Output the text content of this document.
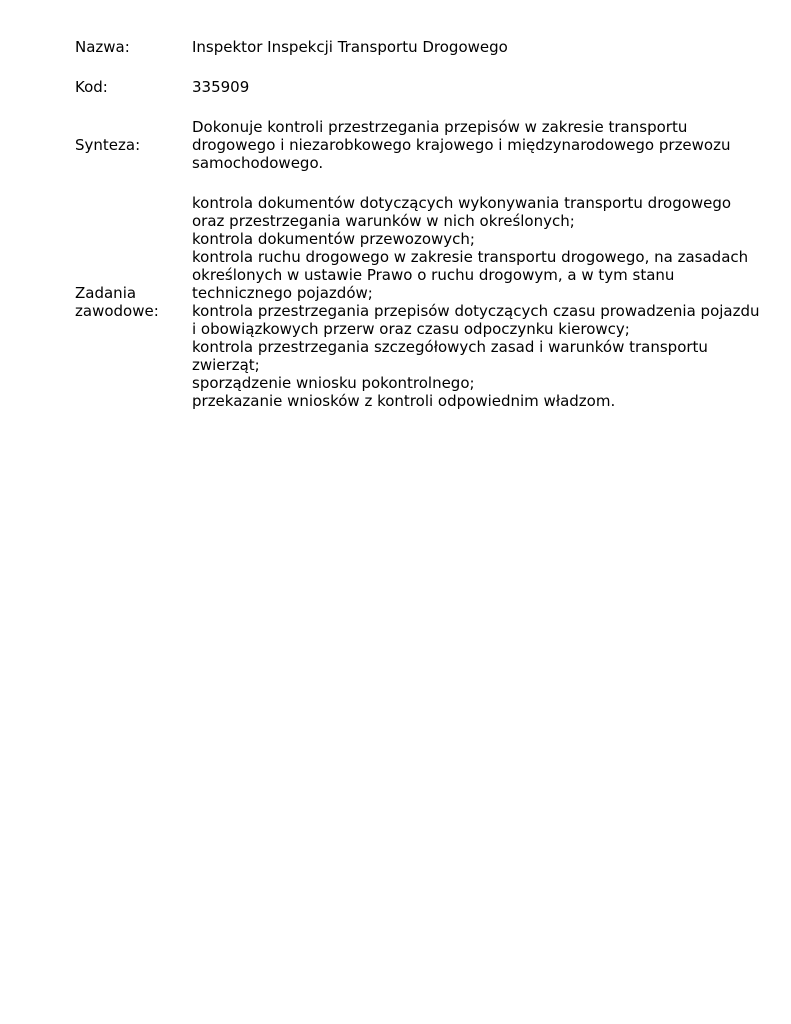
Nazwa:	Inspektor Inspekcji Transportu Drogowego
Kod:	335909
Synteza:
Dokonuje kontroli przestrzegania przepisów w zakresie transportu drogowego i niezarobkowego krajowego i międzynarodowego przewozu samochodowego.
Zadania
zawodowe:
kontrola dokumentów dotyczących wykonywania transportu drogowego oraz przestrzegania warunków w nich określonych;
kontrola dokumentów przewozowych;
kontrola ruchu drogowego w zakresie transportu drogowego, na zasadach określonych w ustawie Prawo o ruchu drogowym, a w tym stanu technicznego pojazdów;
kontrola przestrzegania przepisów dotyczących czasu prowadzenia pojazdu i obowiązkowych przerw oraz czasu odpoczynku kierowcy;
kontrola przestrzegania szczegółowych zasad i warunków transportu zwierząt;
sporządzenie wniosku pokontrolnego;
przekazanie wniosków z kontroli odpowiednim władzom.
